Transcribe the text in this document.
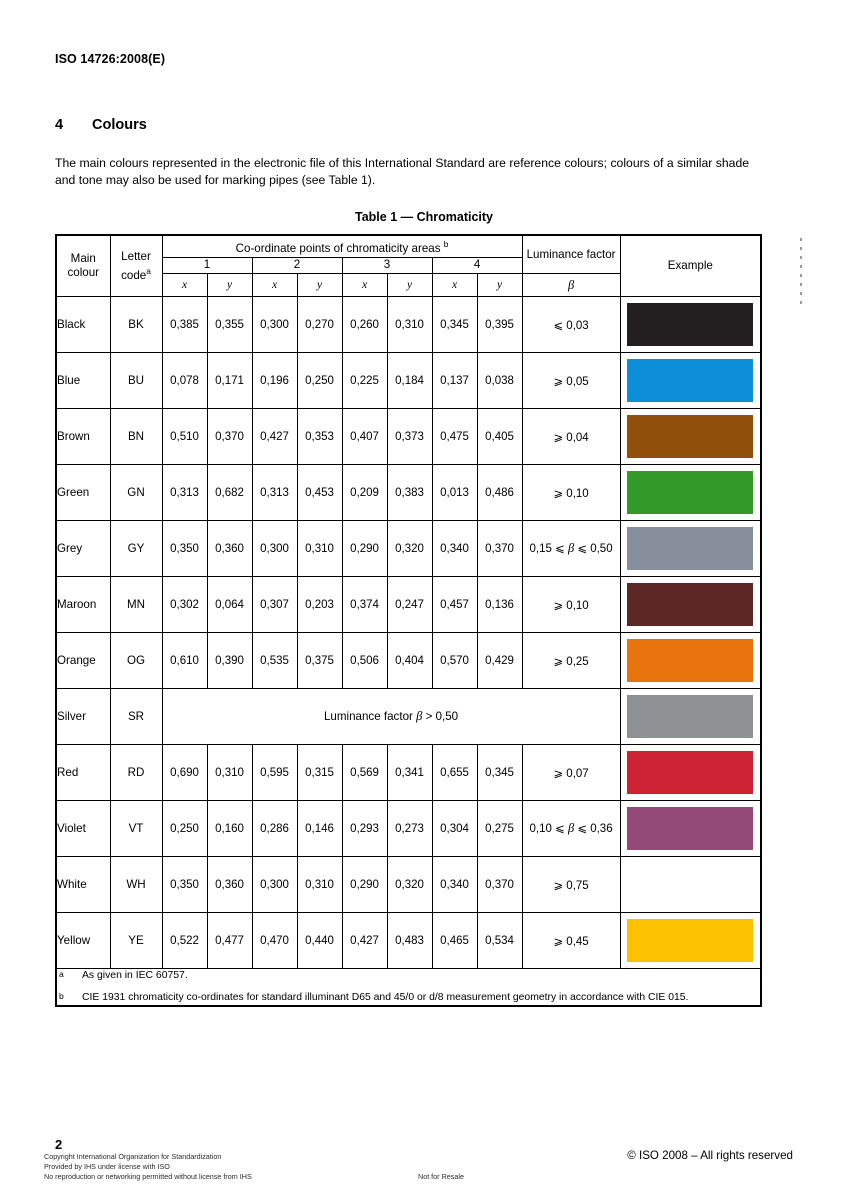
ISO 14726:2008(E)
4 Colours
The main colours represented in the electronic file of this International Standard are reference colours; colours of a similar shade and tone may also be used for marking pipes (see Table 1).
Table 1 — Chromaticity
Main colour	Letter code$^a$	Co-ordinate points of chromaticity areas $^b$								Luminance factor	Example
		1		2		3		4			
		x	y	x	y	x	y	x	y	β	
Black	BK	0,385	0,355	0,300	0,270	0,260	0,310	0,345	0,395	⩽ 0,03	

Blue	BU	0,078	0,171	0,196	0,250	0,225	0,184	0,137	0,038	⩾ 0,05	

Brown	BN	0,510	0,370	0,427	0,353	0,407	0,373	0,475	0,405	⩾ 0,04	

Green	GN	0,313	0,682	0,313	0,453	0,209	0,383	0,013	0,486	⩾ 0,10	

Grey	GY	0,350	0,360	0,300	0,310	0,290	0,320	0,340	0,370	0,15 ⩽ β ⩽ 0,50	

Maroon	MN	0,302	0,064	0,307	0,203	0,374	0,247	0,457	0,136	⩾ 0,10	

Orange	OG	0,610	0,390	0,535	0,375	0,506	0,404	0,570	0,429	⩾ 0,25	

Silver	SR	Luminance factor β > 0,50									

Red	RD	0,690	0,310	0,595	0,315	0,569	0,341	0,655	0,345	⩾ 0,07	

Violet	VT	0,250	0,160	0,286	0,146	0,293	0,273	0,304	0,275	0,10 ⩽ β ⩽ 0,36	

White	WH	0,350	0,360	0,300	0,310	0,290	0,320	0,340	0,370	⩾ 0,75	

Yellow	YE	0,522	0,477	0,470	0,440	0,427	0,483	0,465	0,534	⩾ 0,45	

a As given in IEC 60757.
b CIE 1931 chromaticity co-ordinates for standard illuminant D65 and 45/0 or d/8 measurement geometry in accordance with CIE 015.											
2
© ISO 2008 – All rights reserved
Copyright International Organization for Standardization
Provided by IHS under license with ISO
No reproduction or networking permitted without license from IHS	Not for Resale
